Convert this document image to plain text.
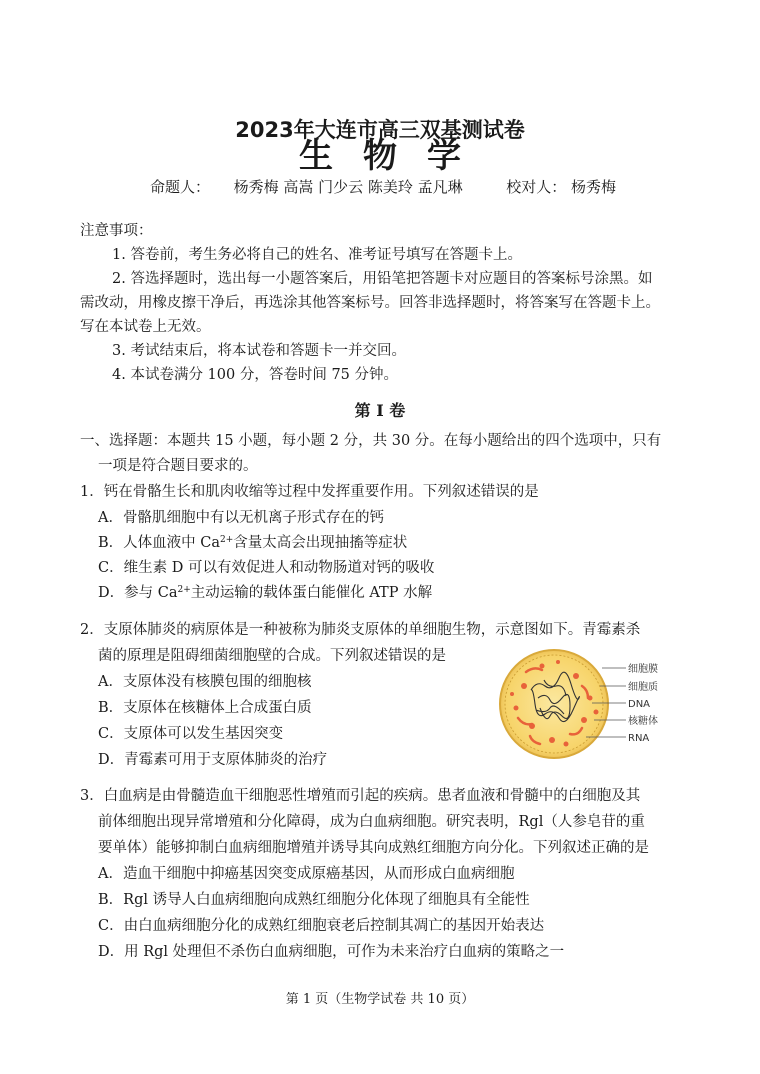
2023年大连市高三双基测试卷
生物学
命题人： 杨秀梅 高嵩 门少云 陈美玲 孟凡琳	校对人： 杨秀梅
注意事项：
1. 答卷前，考生务必将自己的姓名、准考证号填写在答题卡上。
2. 答选择题时，选出每一小题答案后，用铅笔把答题卡对应题目的答案标号涂黑。如
需改动，用橡皮擦干净后，再选涂其他答案标号。回答非选择题时，将答案写在答题卡上。
写在本试卷上无效。
3. 考试结束后，将本试卷和答题卡一并交回。
4. 本试卷满分 100 分，答卷时间 75 分钟。
第 I 卷
一、选择题：本题共 15 小题，每小题 2 分，共 30 分。在每小题给出的四个选项中，只有
一项是符合题目要求的。
1．钙在骨骼生长和肌肉收缩等过程中发挥重要作用。下列叙述错误的是
A．骨骼肌细胞中有以无机离子形式存在的钙
B．人体血液中 $Ca^{2+}$含量太高会出现抽搐等症状
C．维生素 D 可以有效促进人和动物肠道对钙的吸收
D．参与 $Ca^{2+}$主动运输的载体蛋白能催化 ATP 水解
2．支原体肺炎的病原体是一种被称为肺炎支原体的单细胞生物，示意图如下。青霉素杀
菌的原理是阻碍细菌细胞壁的合成。下列叙述错误的是
A．支原体没有核膜包围的细胞核
B．支原体在核糖体上合成蛋白质
C．支原体可以发生基因突变
D．青霉素可用于支原体肺炎的治疗
细胞膜
细胞质
DNA
核糖体
RNA
3．白血病是由骨髓造血干细胞恶性增殖而引起的疾病。患者血液和骨髓中的白细胞及其
前体细胞出现异常增殖和分化障碍，成为白血病细胞。研究表明，Rgl（人参皂苷的重
要单体）能够抑制白血病细胞增殖并诱导其向成熟红细胞方向分化。下列叙述正确的是
A．造血干细胞中抑癌基因突变成原癌基因，从而形成白血病细胞
B．Rgl 诱导人白血病细胞向成熟红细胞分化体现了细胞具有全能性
C．由白血病细胞分化的成熟红细胞衰老后控制其凋亡的基因开始表达
D．用 Rgl 处理但不杀伤白血病细胞，可作为未来治疗白血病的策略之一
第 1 页（生物学试卷 共 10 页）
